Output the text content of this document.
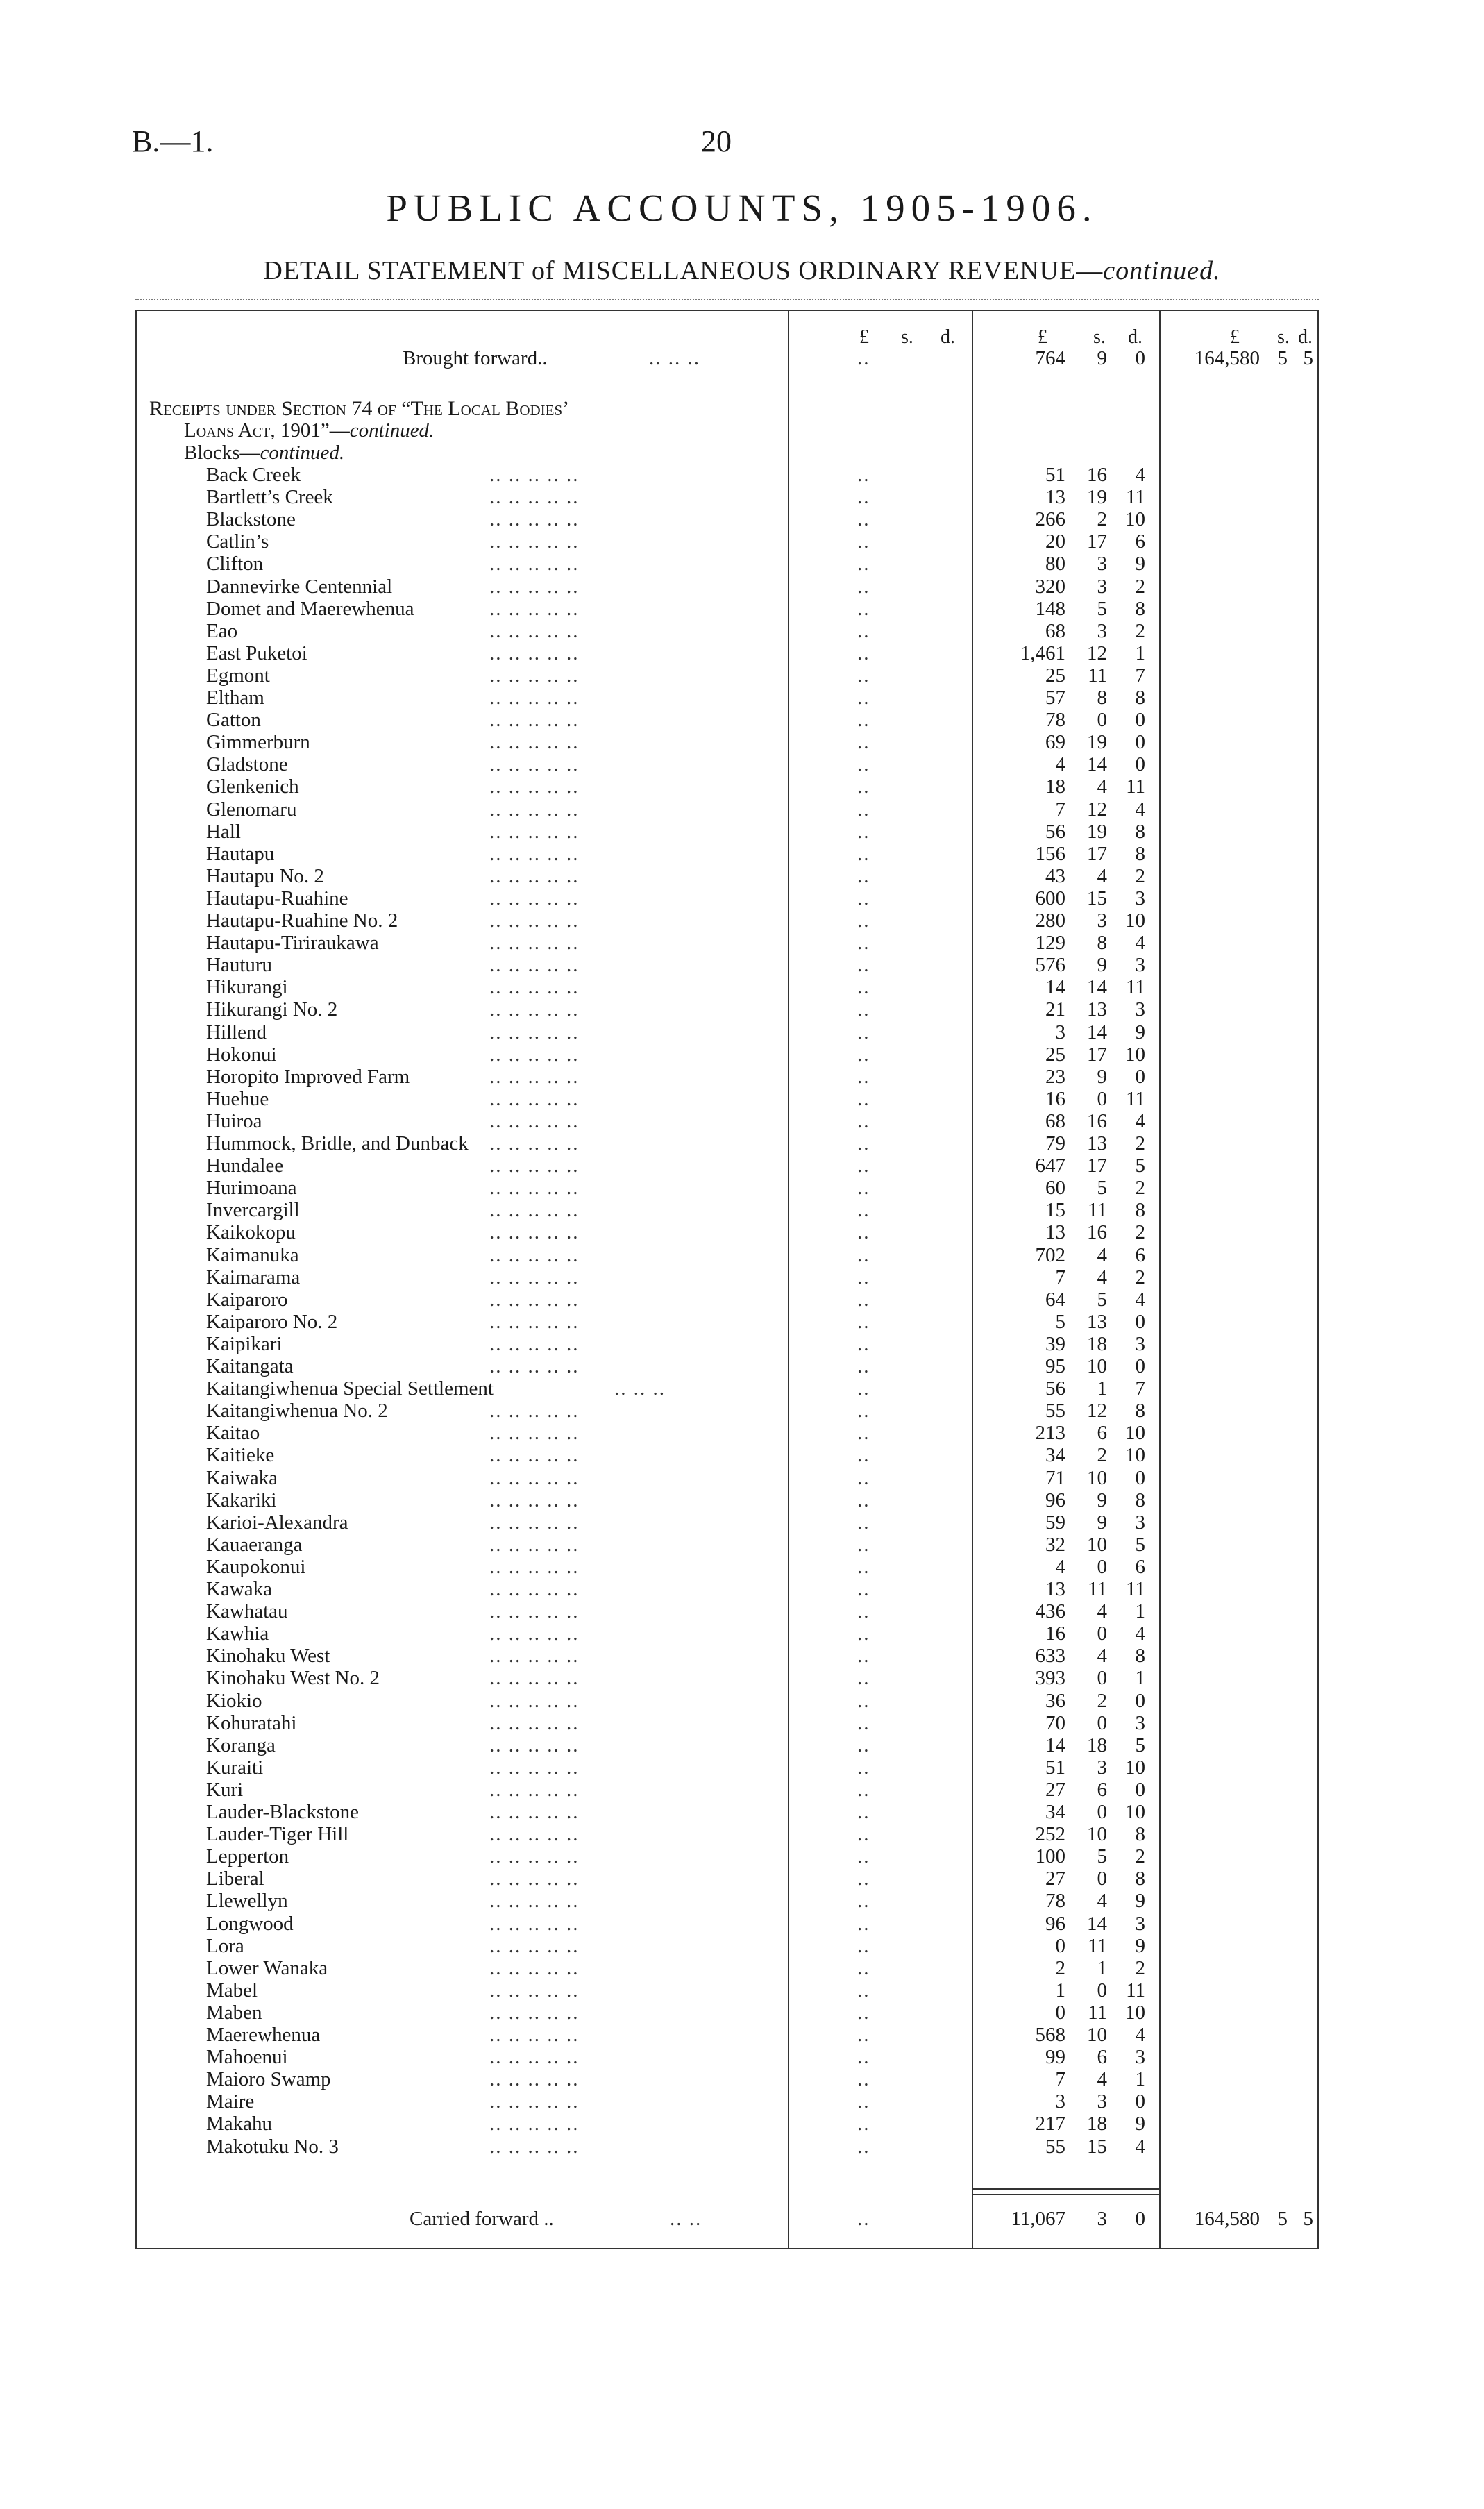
B.—1.	20
PUBLIC ACCOUNTS, 1905-1906.
DETAIL STATEMENT of MISCELLANEOUS ORDINARY REVENUE—continued.
£ s. d.	£ s. d.	£ s. d.
Brought forward..	.. .. ..	..	764	9	0	164,580 5 5
Receipts under Section 74 of “The Local Bodies’
Loans Act, 1901”—continued.
Blocks—continued.
Back Creek	.. .. .. .. ..	..	51	16	4
Bartlett’s Creek	.. .. .. .. ..	..	13	19 11
Blackstone	.. .. .. .. ..	..	266	2 10
Catlin’s	.. .. .. .. ..	..	20	17	6
Clifton	.. .. .. .. ..	..	80	3	9
Dannevirke Centennial	.. .. .. .. ..	..	320	3	2
Domet and Maerewhenua	.. .. .. .. ..	..	148	5	8
Eao	.. .. .. .. ..	..	68	3	2
East Puketoi	.. .. .. .. ..	..	1,461	12	1
Egmont	.. .. .. .. ..	..	25	11	7
Eltham	.. .. .. .. ..	..	57	8	8
Gatton	.. .. .. .. ..	..	78	0	0
Gimmerburn	.. .. .. .. ..	..	69	19	0
Gladstone	.. .. .. .. ..	..	4	14	0
Glenkenich	.. .. .. .. ..	..	18	4 11
Glenomaru	.. .. .. .. ..	..	7	12	4
Hall	.. .. .. .. ..	..	56	19	8
Hautapu	.. .. .. .. ..	..	156	17	8
Hautapu No. 2	.. .. .. .. ..	..	43	4	2
Hautapu-Ruahine	.. .. .. .. ..	..	600	15	3
Hautapu-Ruahine No. 2	.. .. .. .. ..	..	280	3 10
Hautapu-Tiriraukawa	.. .. .. .. ..	..	129	8	4
Hauturu	.. .. .. .. ..	..	576	9	3
Hikurangi	.. .. .. .. ..	..	14	14 11
Hikurangi No. 2	.. .. .. .. ..	..	21	13	3
Hillend	.. .. .. .. ..	..	3	14	9
Hokonui	.. .. .. .. ..	..	25	17 10
Horopito Improved Farm	.. .. .. .. ..	..	23	9	0
Huehue	.. .. .. .. ..	..	16	0 11
Huiroa	.. .. .. .. ..	..	68	16	4
Hummock, Bridle, and Dunback .. .. .. .. ..	..	79	13	2
Hundalee	.. .. .. .. ..	..	647	17	5
Hurimoana	.. .. .. .. ..	..	60	5	2
Invercargill	.. .. .. .. ..	..	15	11	8
Kaikokopu	.. .. .. .. ..	..	13	16	2
Kaimanuka	.. .. .. .. ..	..	702	4	6
Kaimarama	.. .. .. .. ..	..	7	4	2
Kaiparoro	.. .. .. .. ..	..	64	5	4
Kaiparoro No. 2	.. .. .. .. ..	..	5	13	0
Kaipikari	.. .. .. .. ..	..	39	18	3
Kaitangata	.. .. .. .. ..	..	95	10	0
Kaitangiwhenua Special Settlement	.. .. ..	..	56	1	7
Kaitangiwhenua No. 2	.. .. .. .. ..	..	55	12	8
Kaitao	.. .. .. .. ..	..	213	6 10
Kaitieke	.. .. .. .. ..	..	34	2 10
Kaiwaka	.. .. .. .. ..	..	71	10	0
Kakariki	.. .. .. .. ..	..	96	9	8
Karioi-Alexandra	.. .. .. .. ..	..	59	9	3
Kauaeranga	.. .. .. .. ..	..	32	10	5
Kaupokonui	.. .. .. .. ..	..	4	0	6
Kawaka	.. .. .. .. ..	..	13	11 11
Kawhatau	.. .. .. .. ..	..	436	4	1
Kawhia	.. .. .. .. ..	..	16	0	4
Kinohaku West	.. .. .. .. ..	..	633	4	8
Kinohaku West No. 2	.. .. .. .. ..	..	393	0	1
Kiokio	.. .. .. .. ..	..	36	2	0
Kohuratahi	.. .. .. .. ..	..	70	0	3
Koranga	.. .. .. .. ..	..	14	18	5
Kuraiti	.. .. .. .. ..	..	51	3 10
Kuri	.. .. .. .. ..	..	27	6	0
Lauder-Blackstone	.. .. .. .. ..	..	34	0 10
Lauder-Tiger Hill	.. .. .. .. ..	..	252	10	8
Lepperton	.. .. .. .. ..	..	100	5	2
Liberal	.. .. .. .. ..	..	27	0	8
Llewellyn	.. .. .. .. ..	..	78	4	9
Longwood	.. .. .. .. ..	..	96	14	3
Lora	.. .. .. .. ..	..	0	11	9
Lower Wanaka	.. .. .. .. ..	..	2	1	2
Mabel	.. .. .. .. ..	..	1	0 11
Maben	.. .. .. .. ..	..	0	11 10
Maerewhenua	.. .. .. .. ..	..	568	10	4
Mahoenui	.. .. .. .. ..	..	99	6	3
Maioro Swamp	.. .. .. .. ..	..	7	4	1
Maire	.. .. .. .. ..	..	3	3	0
Makahu	.. .. .. .. ..	..	217	18	9
Makotuku No. 3	.. .. .. .. ..	..	55	15	4
Carried forward ..	.. ..	..	11,067	3	0	164,580 5 5
